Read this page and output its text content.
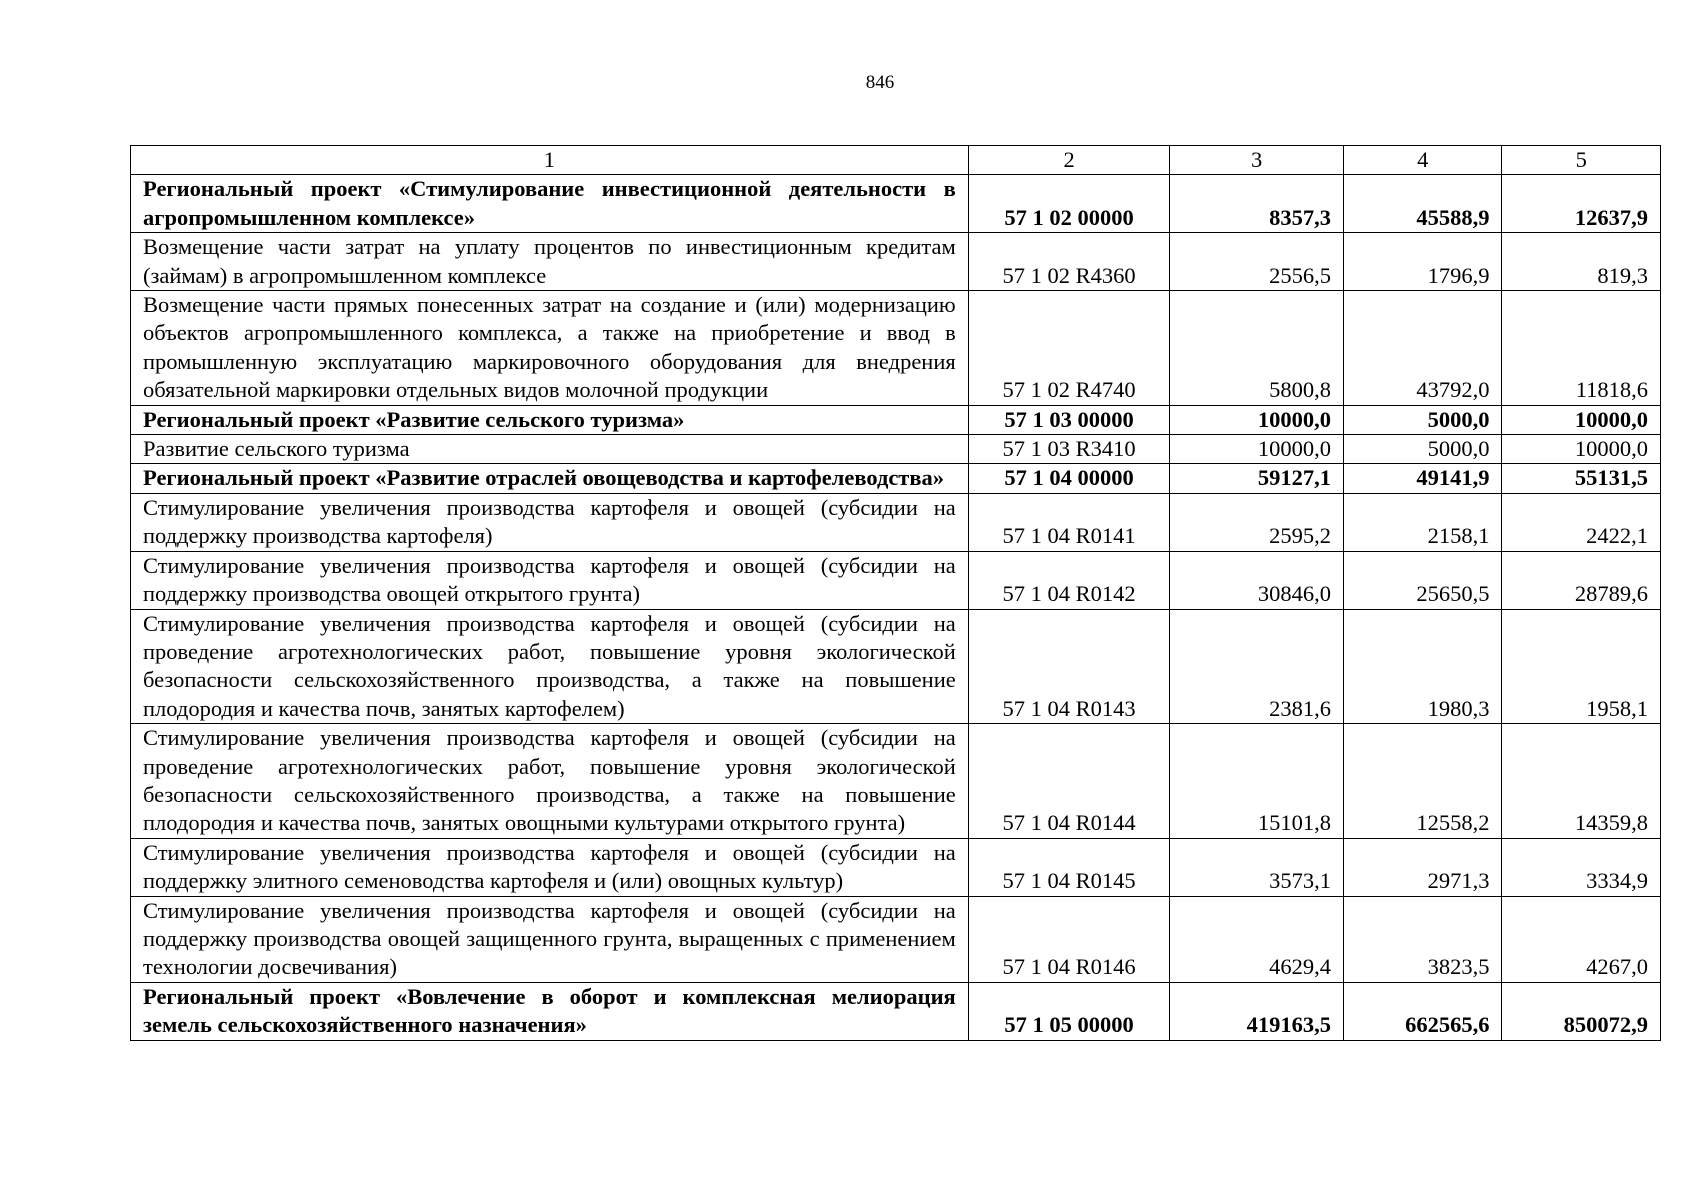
846
1	2	3	4	5
Региональный проект «Стимулирование инвестиционной деятельности в агропромышленном комплексе»	57 1 02 00000	8357,3	45588,9	12637,9
Возмещение части затрат на уплату процентов по инвестиционным кредитам (займам) в агропромышленном комплексе	57 1 02 R4360	2556,5	1796,9	819,3
Возмещение части прямых понесенных затрат на создание и (или) модернизацию объектов агропромышленного комплекса, а также на приобретение и ввод в промышленную эксплуатацию маркировочного оборудования для внедрения обязательной маркировки отдельных видов молочной продукции	57 1 02 R4740	5800,8	43792,0	11818,6
Региональный проект «Развитие сельского туризма»	57 1 03 00000	10000,0	5000,0	10000,0
Развитие сельского туризма	57 1 03 R3410	10000,0	5000,0	10000,0
Региональный проект «Развитие отраслей овощеводства и картофелеводства»	57 1 04 00000	59127,1	49141,9	55131,5
Стимулирование увеличения производства картофеля и овощей (субсидии на поддержку производства картофеля)	57 1 04 R0141	2595,2	2158,1	2422,1
Стимулирование увеличения производства картофеля и овощей (субсидии на поддержку производства овощей открытого грунта)	57 1 04 R0142	30846,0	25650,5	28789,6
Стимулирование увеличения производства картофеля и овощей (субсидии на проведение агротехнологических работ, повышение уровня экологической безопасности сельскохозяйственного производства, а также на повышение плодородия и качества почв, занятых картофелем)	57 1 04 R0143	2381,6	1980,3	1958,1
Стимулирование увеличения производства картофеля и овощей (субсидии на проведение агротехнологических работ, повышение уровня экологической безопасности сельскохозяйственного производства, а также на повышение плодородия и качества почв, занятых овощными культурами открытого грунта)	57 1 04 R0144	15101,8	12558,2	14359,8
Стимулирование увеличения производства картофеля и овощей (субсидии на поддержку элитного семеноводства картофеля и (или) овощных культур)	57 1 04 R0145	3573,1	2971,3	3334,9
Стимулирование увеличения производства картофеля и овощей (субсидии на поддержку производства овощей защищенного грунта, выращенных с применением технологии досвечивания)	57 1 04 R0146	4629,4	3823,5	4267,0
Региональный проект «Вовлечение в оборот и комплексная мелиорация земель сельскохозяйственного назначения»	57 1 05 00000	419163,5	662565,6	850072,9
